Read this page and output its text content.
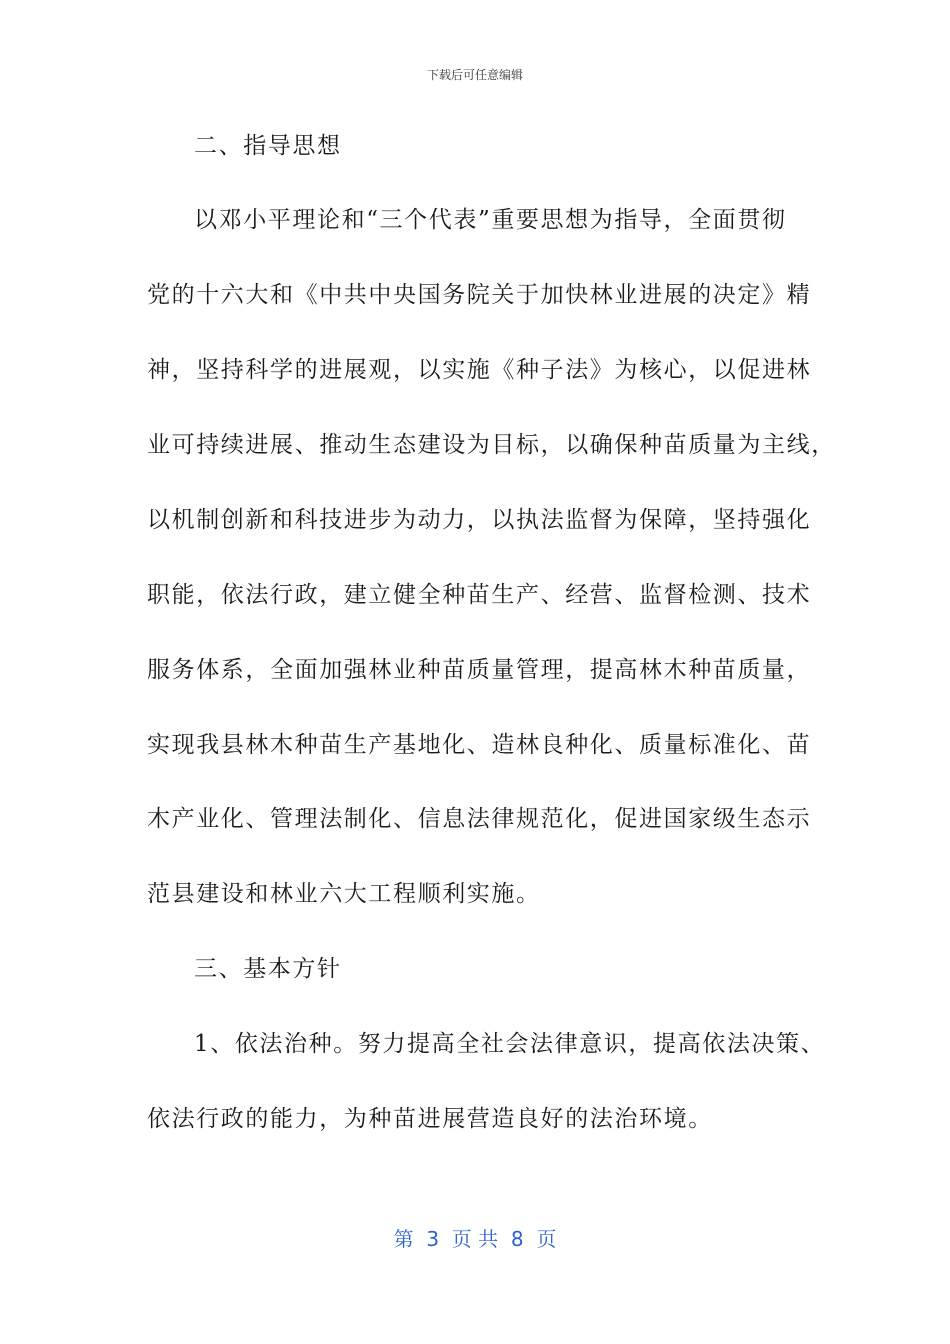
下载后可任意编辑
二、指导思想
以邓小平理论和“三个代表”重要思想为指导，全面贯彻
党的十六大和《中共中央国务院关于加快林业进展的决定》精
神，坚持科学的进展观，以实施《种子法》为核心，以促进林
业可持续进展、推动生态建设为目标，以确保种苗质量为主线，
以机制创新和科技进步为动力，以执法监督为保障，坚持强化
职能，依法行政，建立健全种苗生产、经营、监督检测、技术
服务体系，全面加强林业种苗质量管理，提高林木种苗质量，
实现我县林木种苗生产基地化、造林良种化、质量标准化、苗
木产业化、管理法制化、信息法律规范化，促进国家级生态示
范县建设和林业六大工程顺利实施。
三、基本方针
1、依法治种。努力提高全社会法律意识，提高依法决策、
依法行政的能力，为种苗进展营造良好的法治环境。
第  3  页 共  8  页
